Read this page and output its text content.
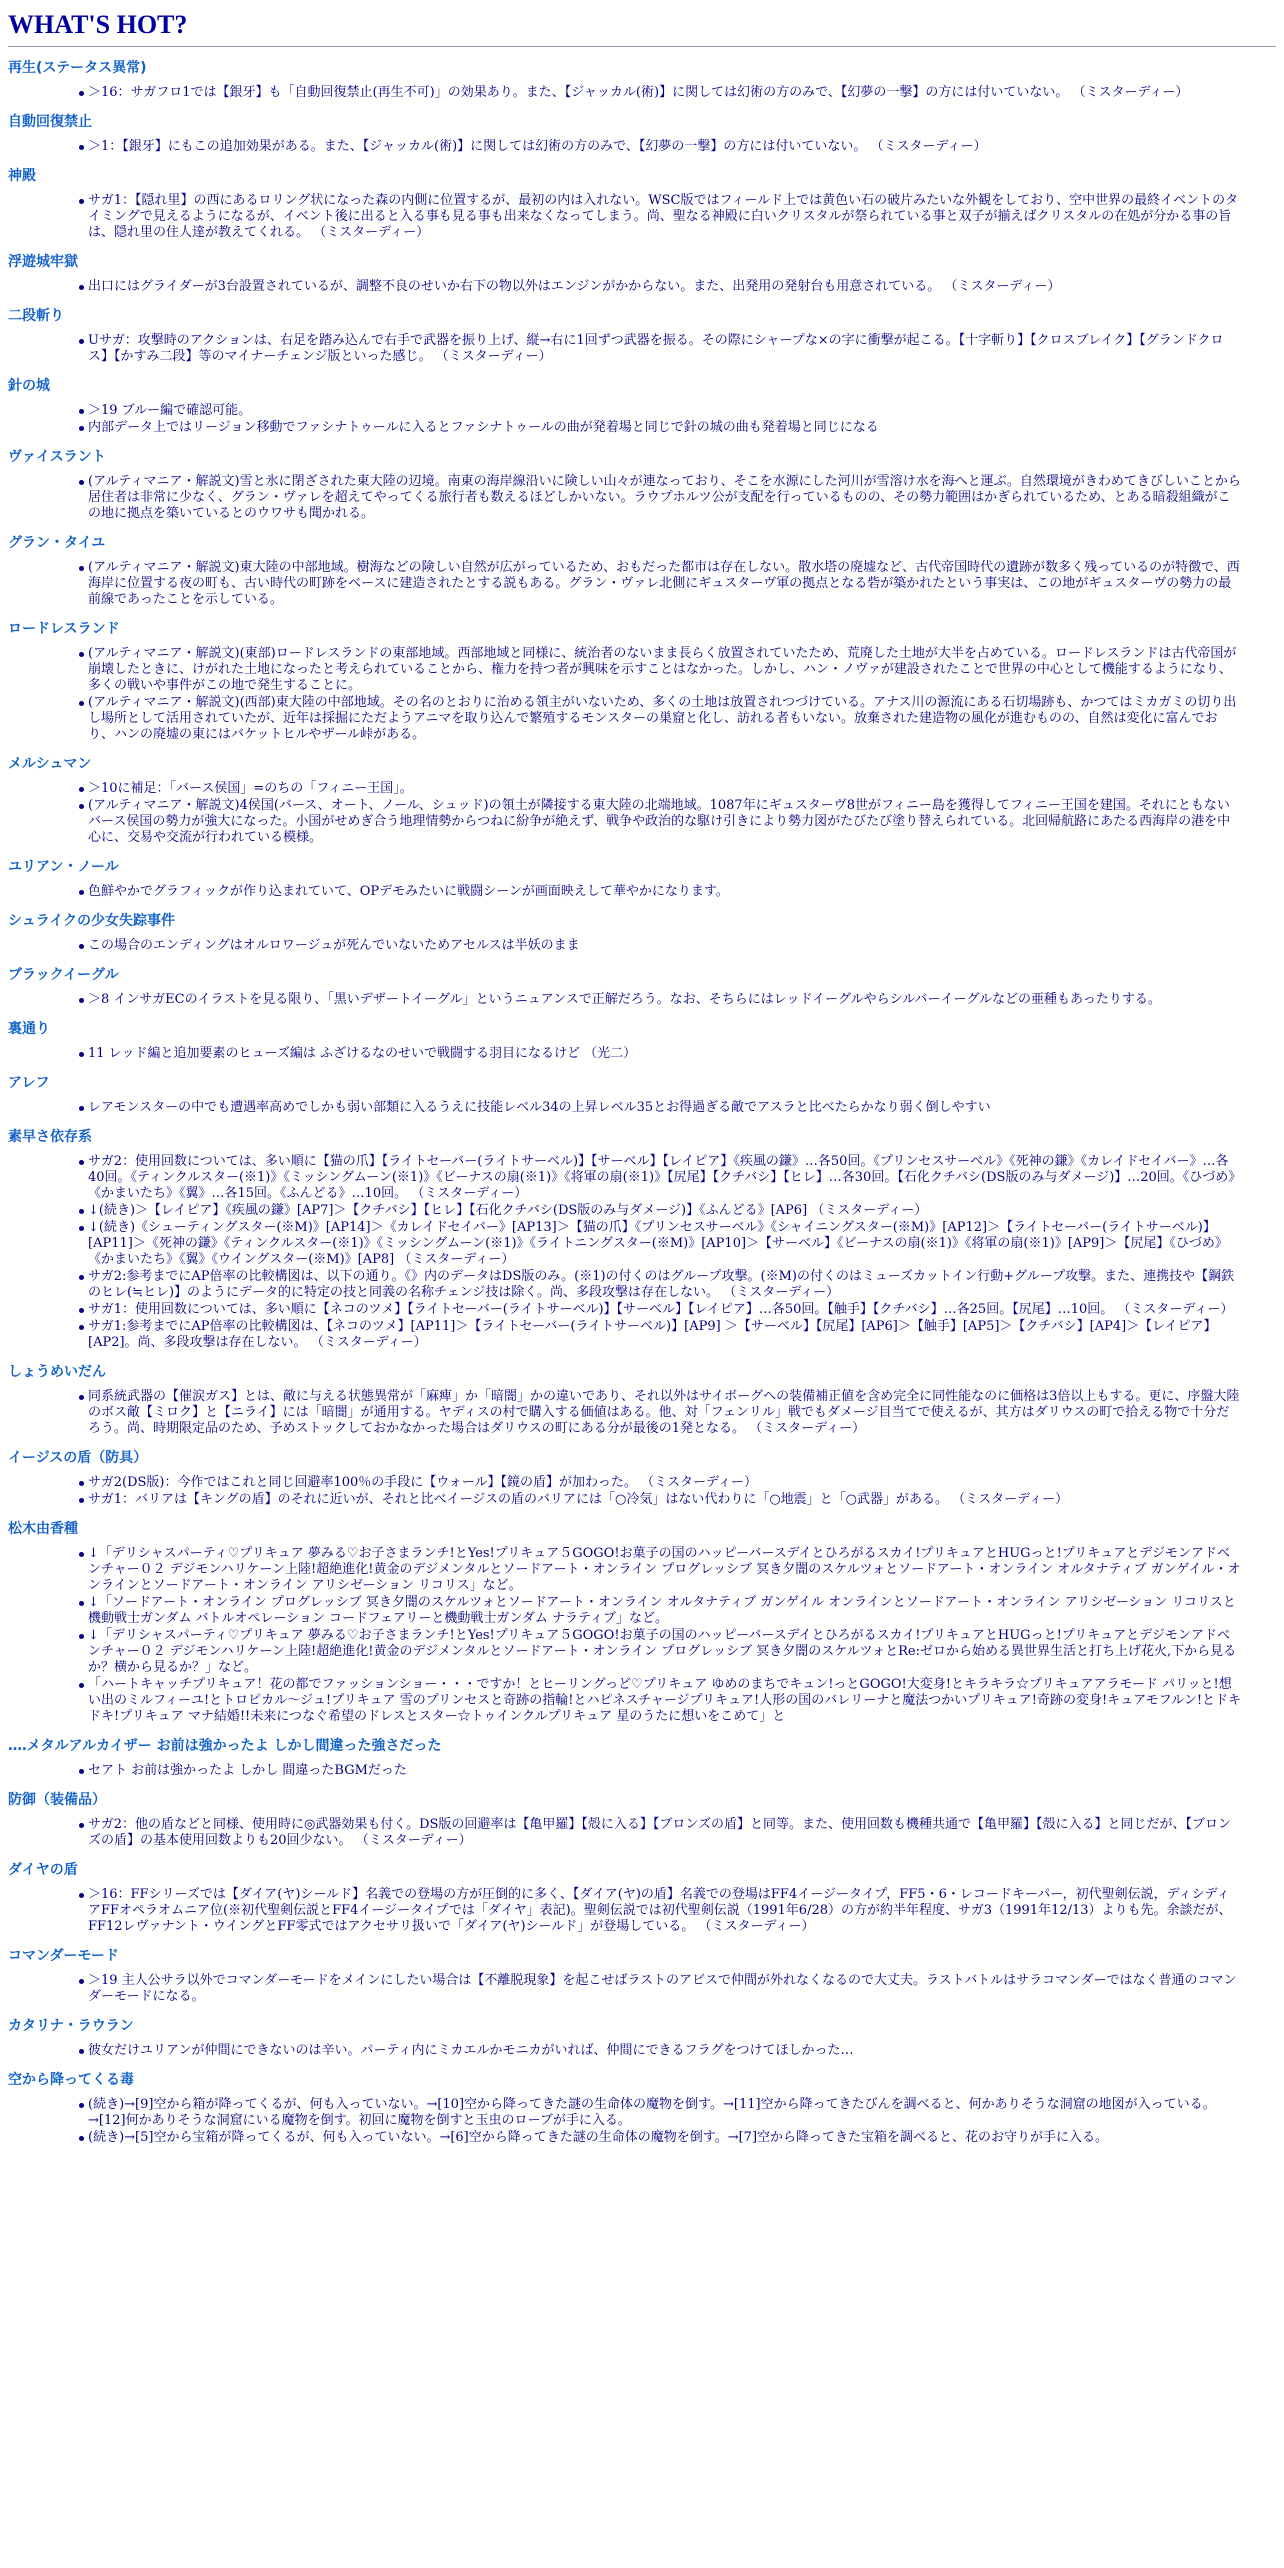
WHAT'S HOT?
再生(ステータス異常)
＞16：サガフロ1では【銀牙】も「自動回復禁止(再生不可)」の効果あり。また、【ジャッカル(術)】に関しては幻術の方のみで、【幻夢の一撃】の方には付いていない。 （ミスターディー）
自動回復禁止
＞1：【銀牙】にもこの追加効果がある。また、【ジャッカル(術)】に関しては幻術の方のみで、【幻夢の一撃】の方には付いていない。 （ミスターディー）
神殿
サガ1：【隠れ里】の西にあるロリング状になった森の内側に位置するが、最初の内は入れない。WSC版ではフィールド上では黄色い石の破片みたいな外観をしており、空中世界の最終イベントのタイミングで見えるようになるが、イベント後に出ると入る事も見る事も出来なくなってしまう。尚、聖なる神殿に白いクリスタルが祭られている事と双子が揃えばクリスタルの在処が分かる事の旨は、隠れ里の住人達が教えてくれる。 （ミスターディー）
浮遊城牢獄
出口にはグライダーが3台設置されているが、調整不良のせいか右下の物以外はエンジンがかからない。また、出発用の発射台も用意されている。 （ミスターディー）
二段斬り
Uサガ：攻撃時のアクションは、右足を踏み込んで右手で武器を振り上げ、縦→右に1回ずつ武器を振る。その際にシャープな×の字に衝撃が起こる。【十字斬り】【クロスブレイク】【グランドクロス】【かすみ二段】等のマイナーチェンジ版といった感じ。 （ミスターディー）
針の城
＞19 ブルー編で確認可能。
内部データ上ではリージョン移動でファシナトゥールに入るとファシナトゥールの曲が発着場と同じで針の城の曲も発着場と同じになる
ヴァイスラント
(アルティマニア・解説文)雪と氷に閉ざされた東大陸の辺境。南東の海岸線沿いに険しい山々が連なっており、そこを水源にした河川が雪溶け水を海へと運ぶ。自然環境がきわめてきびしいことから居住者は非常に少なく、グラン・ヴァレを超えてやってくる旅行者も数えるほどしかいない。ラウプホルツ公が支配を行っているものの、その勢力範囲はかぎられているため、とある暗殺組織がこの地に拠点を築いているとのウワサも聞かれる。
グラン・タイユ
(アルティマニア・解説文)東大陸の中部地域。樹海などの険しい自然が広がっているため、おもだった都市は存在しない。散水塔の廃墟など、古代帝国時代の遺跡が数多く残っているのが特徴で、西海岸に位置する夜の町も、古い時代の町跡をベースに建造されたとする説もある。グラン・ヴァレ北側にギュスターヴ軍の拠点となる砦が築かれたという事実は、この地がギュスターヴの勢力の最前線であったことを示している。
ロードレスランド
(アルティマニア・解説文)(東部)ロードレスランドの東部地域。西部地域と同様に、統治者のないまま長らく放置されていたため、荒廃した土地が大半を占めている。ロードレスランドは古代帝国が崩壊したときに、けがれた土地になったと考えられていることから、権力を持つ者が興味を示すことはなかった。しかし、ハン・ノヴァが建設されたことで世界の中心として機能するようになり、多くの戦いや事件がこの地で発生することに。
(アルティマニア・解説文)(西部)東大陸の中部地域。その名のとおりに治める領主がいないため、多くの土地は放置されつづけている。アナス川の源流にある石切場跡も、かつてはミカガミの切り出し場所として活用されていたが、近年は採掘にただようアニマを取り込んで繁殖するモンスターの巣窟と化し、訪れる者もいない。放棄された建造物の風化が進むものの、自然は変化に富んでおり、ハンの廃墟の東にはバケットヒルやザール峠がある。
メルシュマン
＞10に補足：「バース侯国」=のちの「フィニー王国」。
(アルティマニア・解説文)4侯国(バース、オート、ノール、シュッド)の領土が隣接する東大陸の北端地域。1087年にギュスターヴ8世がフィニー島を獲得してフィニー王国を建国。それにともないバース侯国の勢力が強大になった。小国がせめぎ合う地理情勢からつねに紛争が絶えず、戦争や政治的な駆け引きにより勢力図がたびたび塗り替えられている。北回帰航路にあたる西海岸の港を中心に、交易や交流が行われている模様。
ユリアン・ノール
色鮮やかでグラフィックが作り込まれていて、OPデモみたいに戦闘シーンが画面映えして華やかになります。
シュライクの少女失踪事件
この場合のエンディングはオルロワージュが死んでいないためアセルスは半妖のまま
ブラックイーグル
＞8 インサガECのイラストを見る限り、「黒いデザートイーグル」というニュアンスで正解だろう。なお、そちらにはレッドイーグルやらシルバーイーグルなどの亜種もあったりする。
裏通り
11 レッド編と追加要素のヒューズ編は ふざけるなのせいで戦闘する羽目になるけど （光二）
アレフ
レアモンスターの中でも遭遇率高めでしかも弱い部類に入るうえに技能レベル34の上昇レベル35とお得過ぎる敵でアスラと比べたらかなり弱く倒しやすい
素早さ依存系
サガ2：使用回数については、多い順に【猫の爪】【ライトセーバー(ライトサーベル)】【サーベル】【レイピア】《疾風の鎌》…各50回。《プリンセスサーベル》《死神の鎌》《カレイドセイバー》…各40回。《ティンクルスター(※1)》《ミッシングムーン(※1)》《ビーナスの扇(※1)》《将軍の扇(※1)》【尻尾】【クチバシ】【ヒレ】…各30回。【石化クチバシ(DS版のみ与ダメージ)】…20回。《ひづめ》《かまいたち》《翼》…各15回。《ふんどる》…10回。 （ミスターディー）
↓(続き)＞【レイピア】《疾風の鎌》[AP7]＞【クチバシ】【ヒレ】【石化クチバシ(DS版のみ与ダメージ)】《ふんどる》[AP6] （ミスターディー）
↓(続き)《シューティングスター(※M)》[AP14]＞《カレイドセイバー》[AP13]＞【猫の爪】《プリンセスサーベル》《シャイニングスター(※M)》[AP12]＞【ライトセーバー(ライトサーベル)】[AP11]＞《死神の鎌》《ティンクルスター(※1)》《ミッシングムーン(※1)》《ライトニングスター(※M)》[AP10]＞【サーベル】《ビーナスの扇(※1)》《将軍の扇(※1)》[AP9]＞【尻尾】《ひづめ》《かまいたち》《翼》《ウイングスター(※M)》[AP8] （ミスターディー）
サガ2:参考までにAP倍率の比較構図は、以下の通り。《》内のデータはDS版のみ。(※1)の付くのはグループ攻撃。(※M)の付くのはミューズカットイン行動+グループ攻撃。また、連携技や【鋼鉄のヒレ(≒ヒレ)】のようにデータ的に特定の技と同義の名称チェンジ技は除く。尚、多段攻撃は存在しない。 （ミスターディー）
サガ1：使用回数については、多い順に【ネコのツメ】【ライトセーバー(ライトサーベル)】【サーベル】【レイピア】…各50回。【触手】【クチバシ】…各25回。【尻尾】…10回。 （ミスターディー）
サガ1:参考までにAP倍率の比較構図は、【ネコのツメ】[AP11]＞【ライトセーバー(ライトサーベル)】[AP9] ＞【サーベル】【尻尾】[AP6]＞【触手】[AP5]＞【クチバシ】[AP4]＞【レイピア】[AP2]。尚、多段攻撃は存在しない。 （ミスターディー）
しょうめいだん
同系統武器の【催涙ガス】とは、敵に与える状態異常が「麻痺」か「暗闇」かの違いであり、それ以外はサイボーグへの装備補正値を含め完全に同性能なのに価格は3倍以上もする。更に、序盤大陸のボス敵【ミロク】と【ニライ】には「暗闇」が通用する。ヤディスの村で購入する価値はある。他、対「フェンリル」戦でもダメージ目当てで使えるが、其方はダリウスの町で拾える物で十分だろう。尚、時期限定品のため、予めストックしておかなかった場合はダリウスの町にある分が最後の1発となる。 （ミスターディー）
イージスの盾（防具）
サガ2(DS版)：今作ではこれと同じ回避率100％の手段に【ウォール】【鏡の盾】が加わった。 （ミスターディー）
サガ1：バリアは【キングの盾】のそれに近いが、それと比べイージスの盾のバリアには「○冷気」はない代わりに「○地震」と「○武器」がある。 （ミスターディー）
松木由香種
↓「デリシャスパーティ♡プリキュア 夢みる♡お子さまランチ!とYes!プリキュア５GOGO!お菓子の国のハッピーバースデイとひろがるスカイ!プリキュアとHUGっと!プリキュアとデジモンアドベンチャー０２ デジモンハリケーン上陸!超絶進化!黄金のデジメンタルとソードアート・オンライン プログレッシブ 冥き夕闇のスケルツォとソードアート・オンライン オルタナティブ ガンゲイル・オンラインとソードアート・オンライン アリシゼーション リコリス」など。
↓「ソードアート・オンライン プログレッシブ 冥き夕闇のスケルツォとソードアート・オンライン オルタナティブ ガンゲイル オンラインとソードアート・オンライン アリシゼーション リコリスと機動戦士ガンダム バトルオペレーション コードフェアリーと機動戦士ガンダム ナラティブ」など。
↓「デリシャスパーティ♡プリキュア 夢みる♡お子さまランチ!とYes!プリキュア５GOGO!お菓子の国のハッピーバースデイとひろがるスカイ!プリキュアとHUGっと!プリキュアとデジモンアドベンチャー０２ デジモンハリケーン上陸!超絶進化!黄金のデジメンタルとソードアート・オンライン プログレッシブ 冥き夕闇のスケルツォとRe:ゼロから始める異世界生活と打ち上げ花火,下から見るか？横から見るか？」など。
「ハートキャッチプリキュア！花の都でファッションショー・・・ですか！とヒーリングっど♡プリキュア ゆめのまちでキュン!っとGOGO!大変身!とキラキラ☆プリキュアアラモード パリッと!想い出のミルフィーユ!とトロピカル～ジュ!プリキュア 雪のプリンセスと奇跡の指輪!とハピネスチャージプリキュア!人形の国のバレリーナと魔法つかいプリキュア!奇跡の変身!キュアモフルン!とドキドキ!プリキュア マナ結婚!!未来につなぐ希望のドレスとスター☆トゥインクルプリキュア 星のうたに想いをこめて」と
‥‥メタルアルカイザー お前は強かったよ しかし間違った強さだった
セアト お前は強かったよ しかし 間違ったBGMだった
防御（装備品）
サガ2：他の盾などと同様、使用時に◎武器効果も付く。DS版の回避率は【亀甲羅】【殻に入る】【ブロンズの盾】と同等。また、使用回数も機種共通で【亀甲羅】【殻に入る】と同じだが、【ブロンズの盾】の基本使用回数よりも20回少ない。 （ミスターディー）
ダイヤの盾
＞16：FFシリーズでは【ダイア(ヤ)シールド】名義での登場の方が圧倒的に多く、【ダイア(ヤ)の盾】名義での登場はFF4イージータイプ，FF5・6・レコードキーパー，初代聖剣伝説，ディシディアFFオペラオムニア位(※初代聖剣伝説とFF4イージータイプでは「ダイヤ」表記)。聖剣伝説では初代聖剣伝説（1991年6/28）の方が約半年程度、サガ3（1991年12/13）よりも先。余談だが、FF12レヴァナント・ウイングとFF零式ではアクセサリ扱いで「ダイア(ヤ)シールド」が登場している。 （ミスターディー）
コマンダーモード
＞19 主人公サラ以外でコマンダーモードをメインにしたい場合は【不離脱現象】を起こせばラストのアビスで仲間が外れなくなるので大丈夫。ラストバトルはサラコマンダーではなく普通のコマンダーモードになる。
カタリナ・ラウラン
彼女だけユリアンが仲間にできないのは辛い。パーティ内にミカエルかモニカがいれば、仲間にできるフラグをつけてほしかった…
空から降ってくる毒
(続き)→[9]空から箱が降ってくるが、何も入っていない。→[10]空から降ってきた謎の生命体の魔物を倒す。→[11]空から降ってきたびんを調べると、何かありそうな洞窟の地図が入っている。→[12]何かありそうな洞窟にいる魔物を倒す。初回に魔物を倒すと玉虫のローブが手に入る。
(続き)→[5]空から宝箱が降ってくるが、何も入っていない。→[6]空から降ってきた謎の生命体の魔物を倒す。→[7]空から降ってきた宝箱を調べると、花のお守りが手に入る。
